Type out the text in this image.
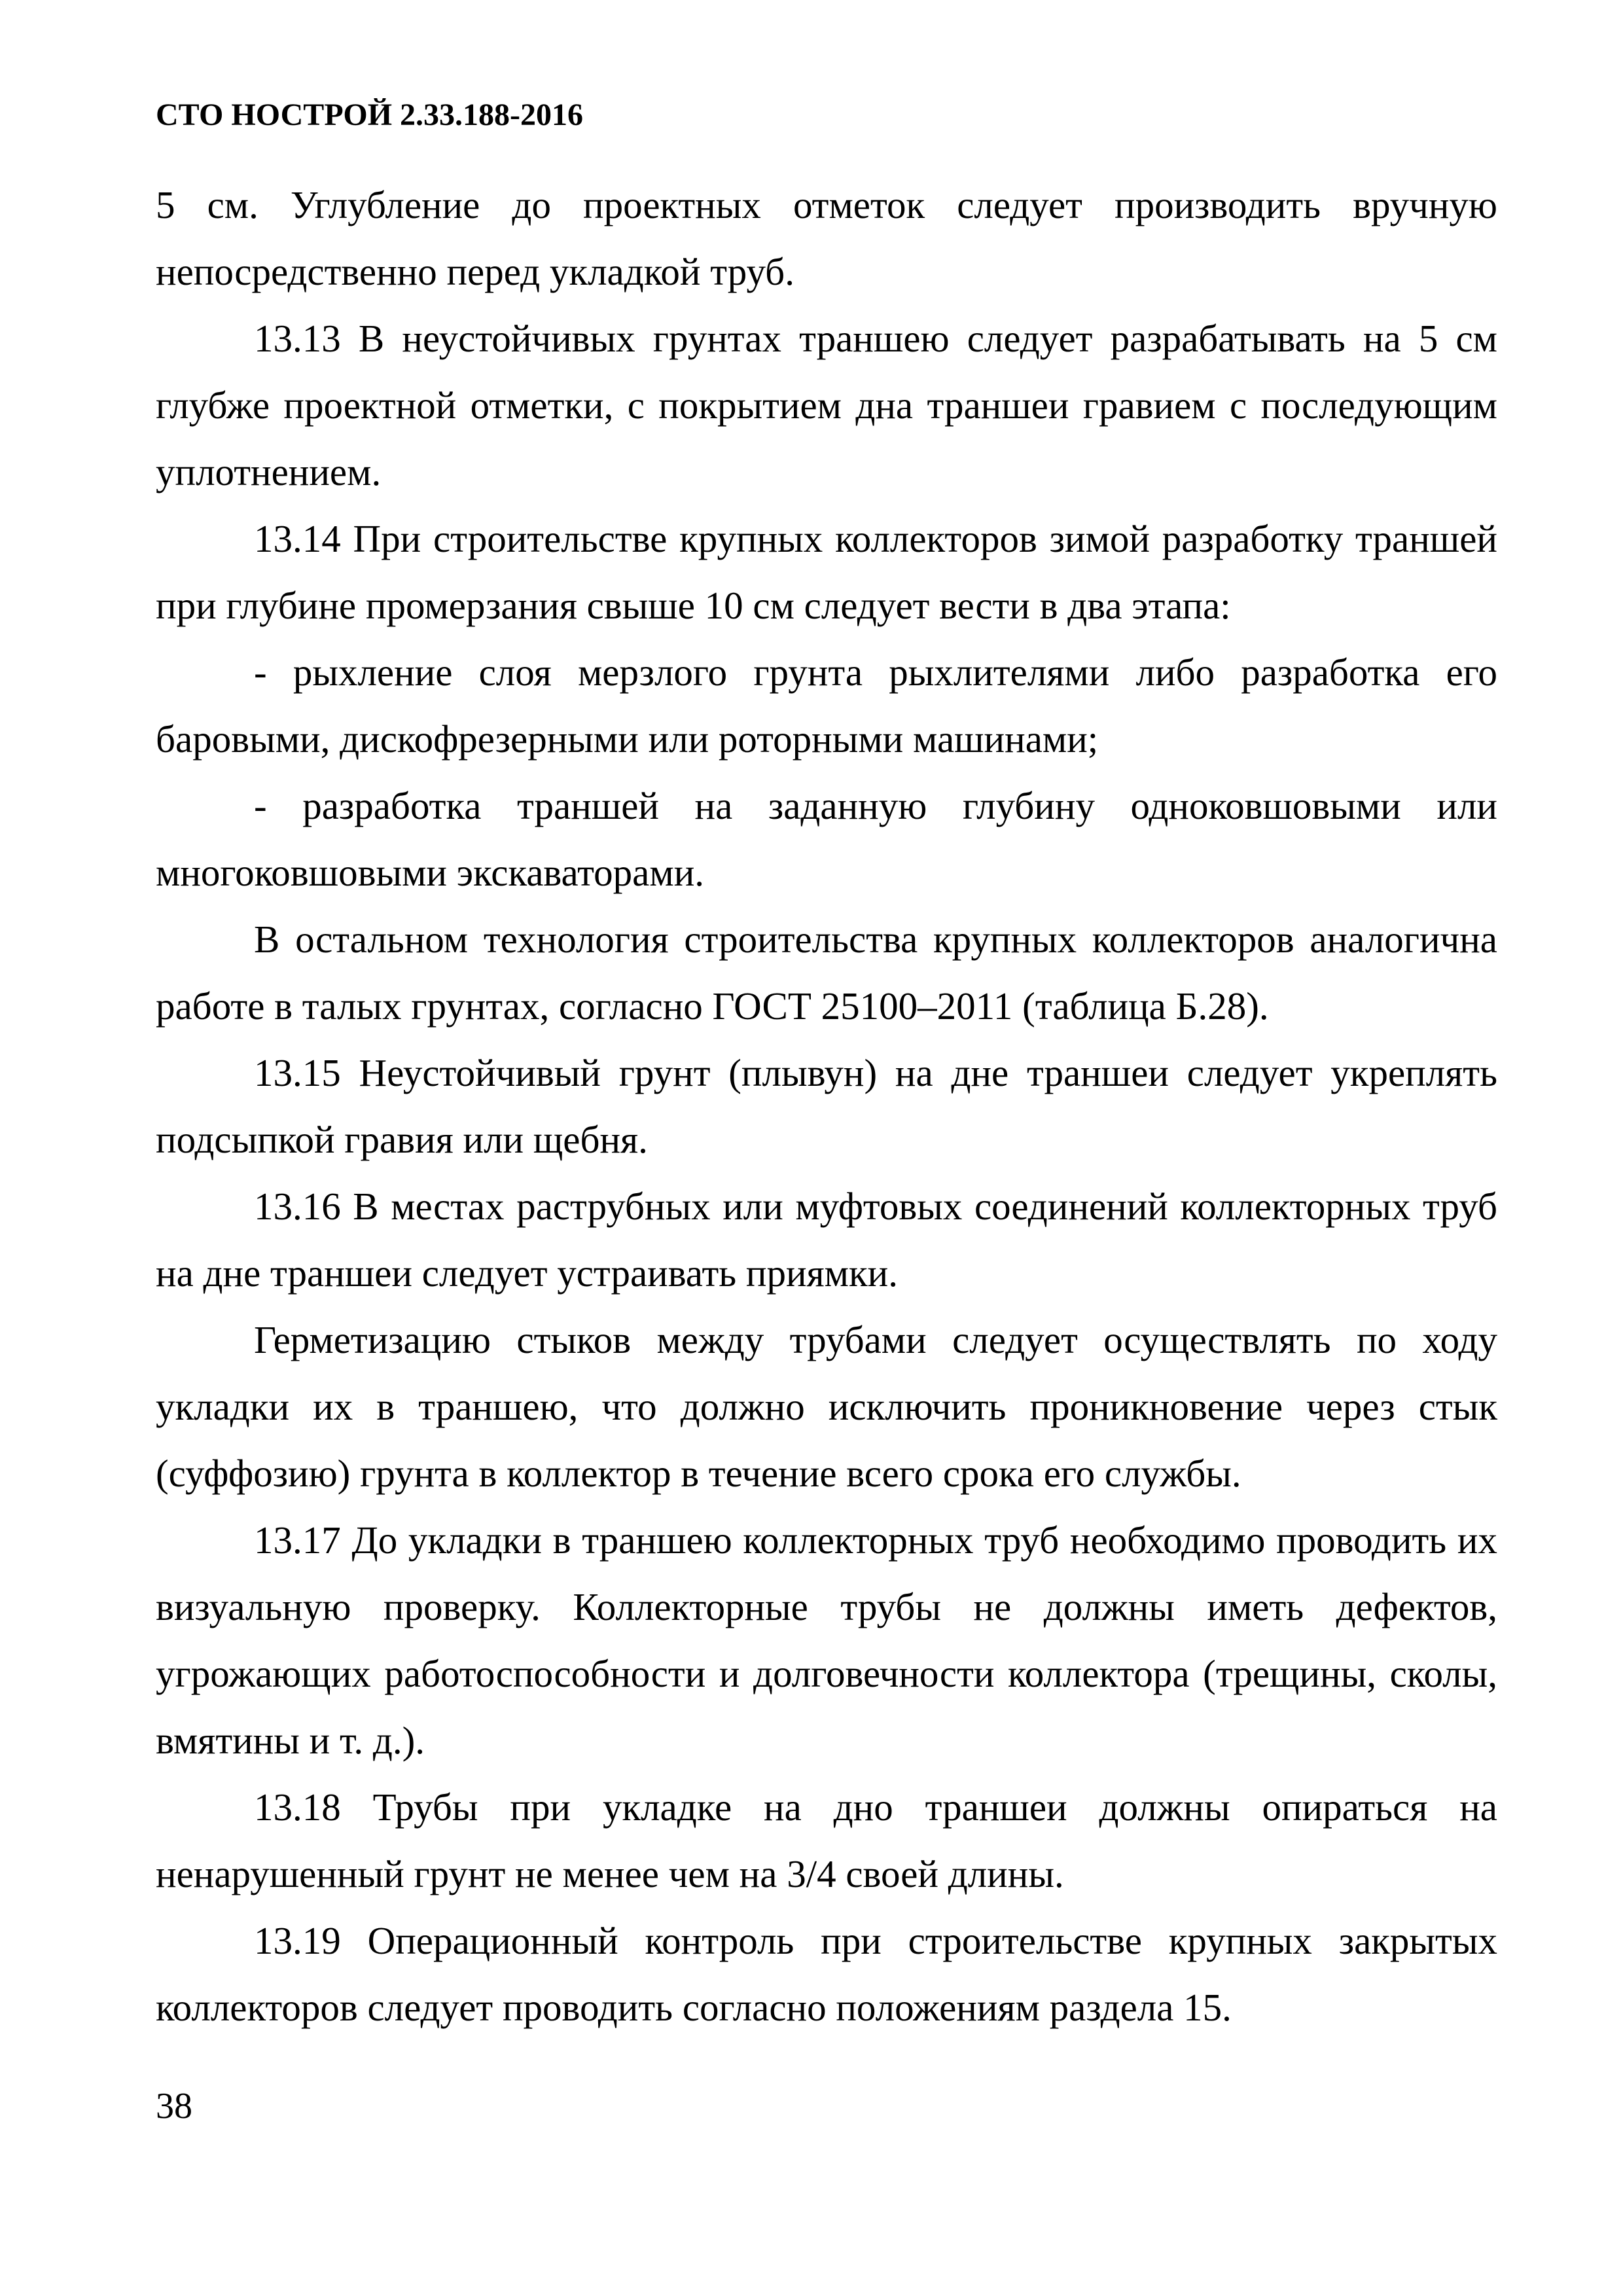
СТО НОСТРОЙ 2.33.188-2016

5 см. Углубление до проектных отметок следует производить вручную непосредственно перед укладкой труб.

13.13 В неустойчивых грунтах траншею следует разрабатывать на 5 см глубже проектной отметки, с покрытием дна траншеи гравием с последующим уплотнением.

13.14 При строительстве крупных коллекторов зимой разработку траншей при глубине промерзания свыше 10 см следует вести в два этапа:

- рыхление слоя мерзлого грунта рыхлителями либо разработка его баровыми, дискофрезерными или роторными машинами;

- разработка траншей на заданную глубину одноковшовыми или многоковшовыми экскаваторами.

В остальном технология строительства крупных коллекторов аналогична работе в талых грунтах, согласно ГОСТ 25100–2011 (таблица Б.28).

13.15 Неустойчивый грунт (плывун) на дне траншеи следует укреплять подсыпкой гравия или щебня.

13.16 В местах раструбных или муфтовых соединений коллекторных труб на дне траншеи следует устраивать приямки.

Герметизацию стыков между трубами следует осуществлять по ходу укладки их в траншею, что должно исключить проникновение через стык (суффозию) грунта в коллектор в течение всего срока его службы.

13.17 До укладки в траншею коллекторных труб необходимо проводить их визуальную проверку. Коллекторные трубы не должны иметь дефектов, угрожающих работоспособности и долговечности коллектора (трещины, сколы, вмятины и т. д.).

13.18 Трубы при укладке на дно траншеи должны опираться на ненарушенный грунт не менее чем на 3/4 своей длины.

13.19 Операционный контроль при строительстве крупных закрытых коллекторов следует проводить согласно положениям раздела 15.

38
